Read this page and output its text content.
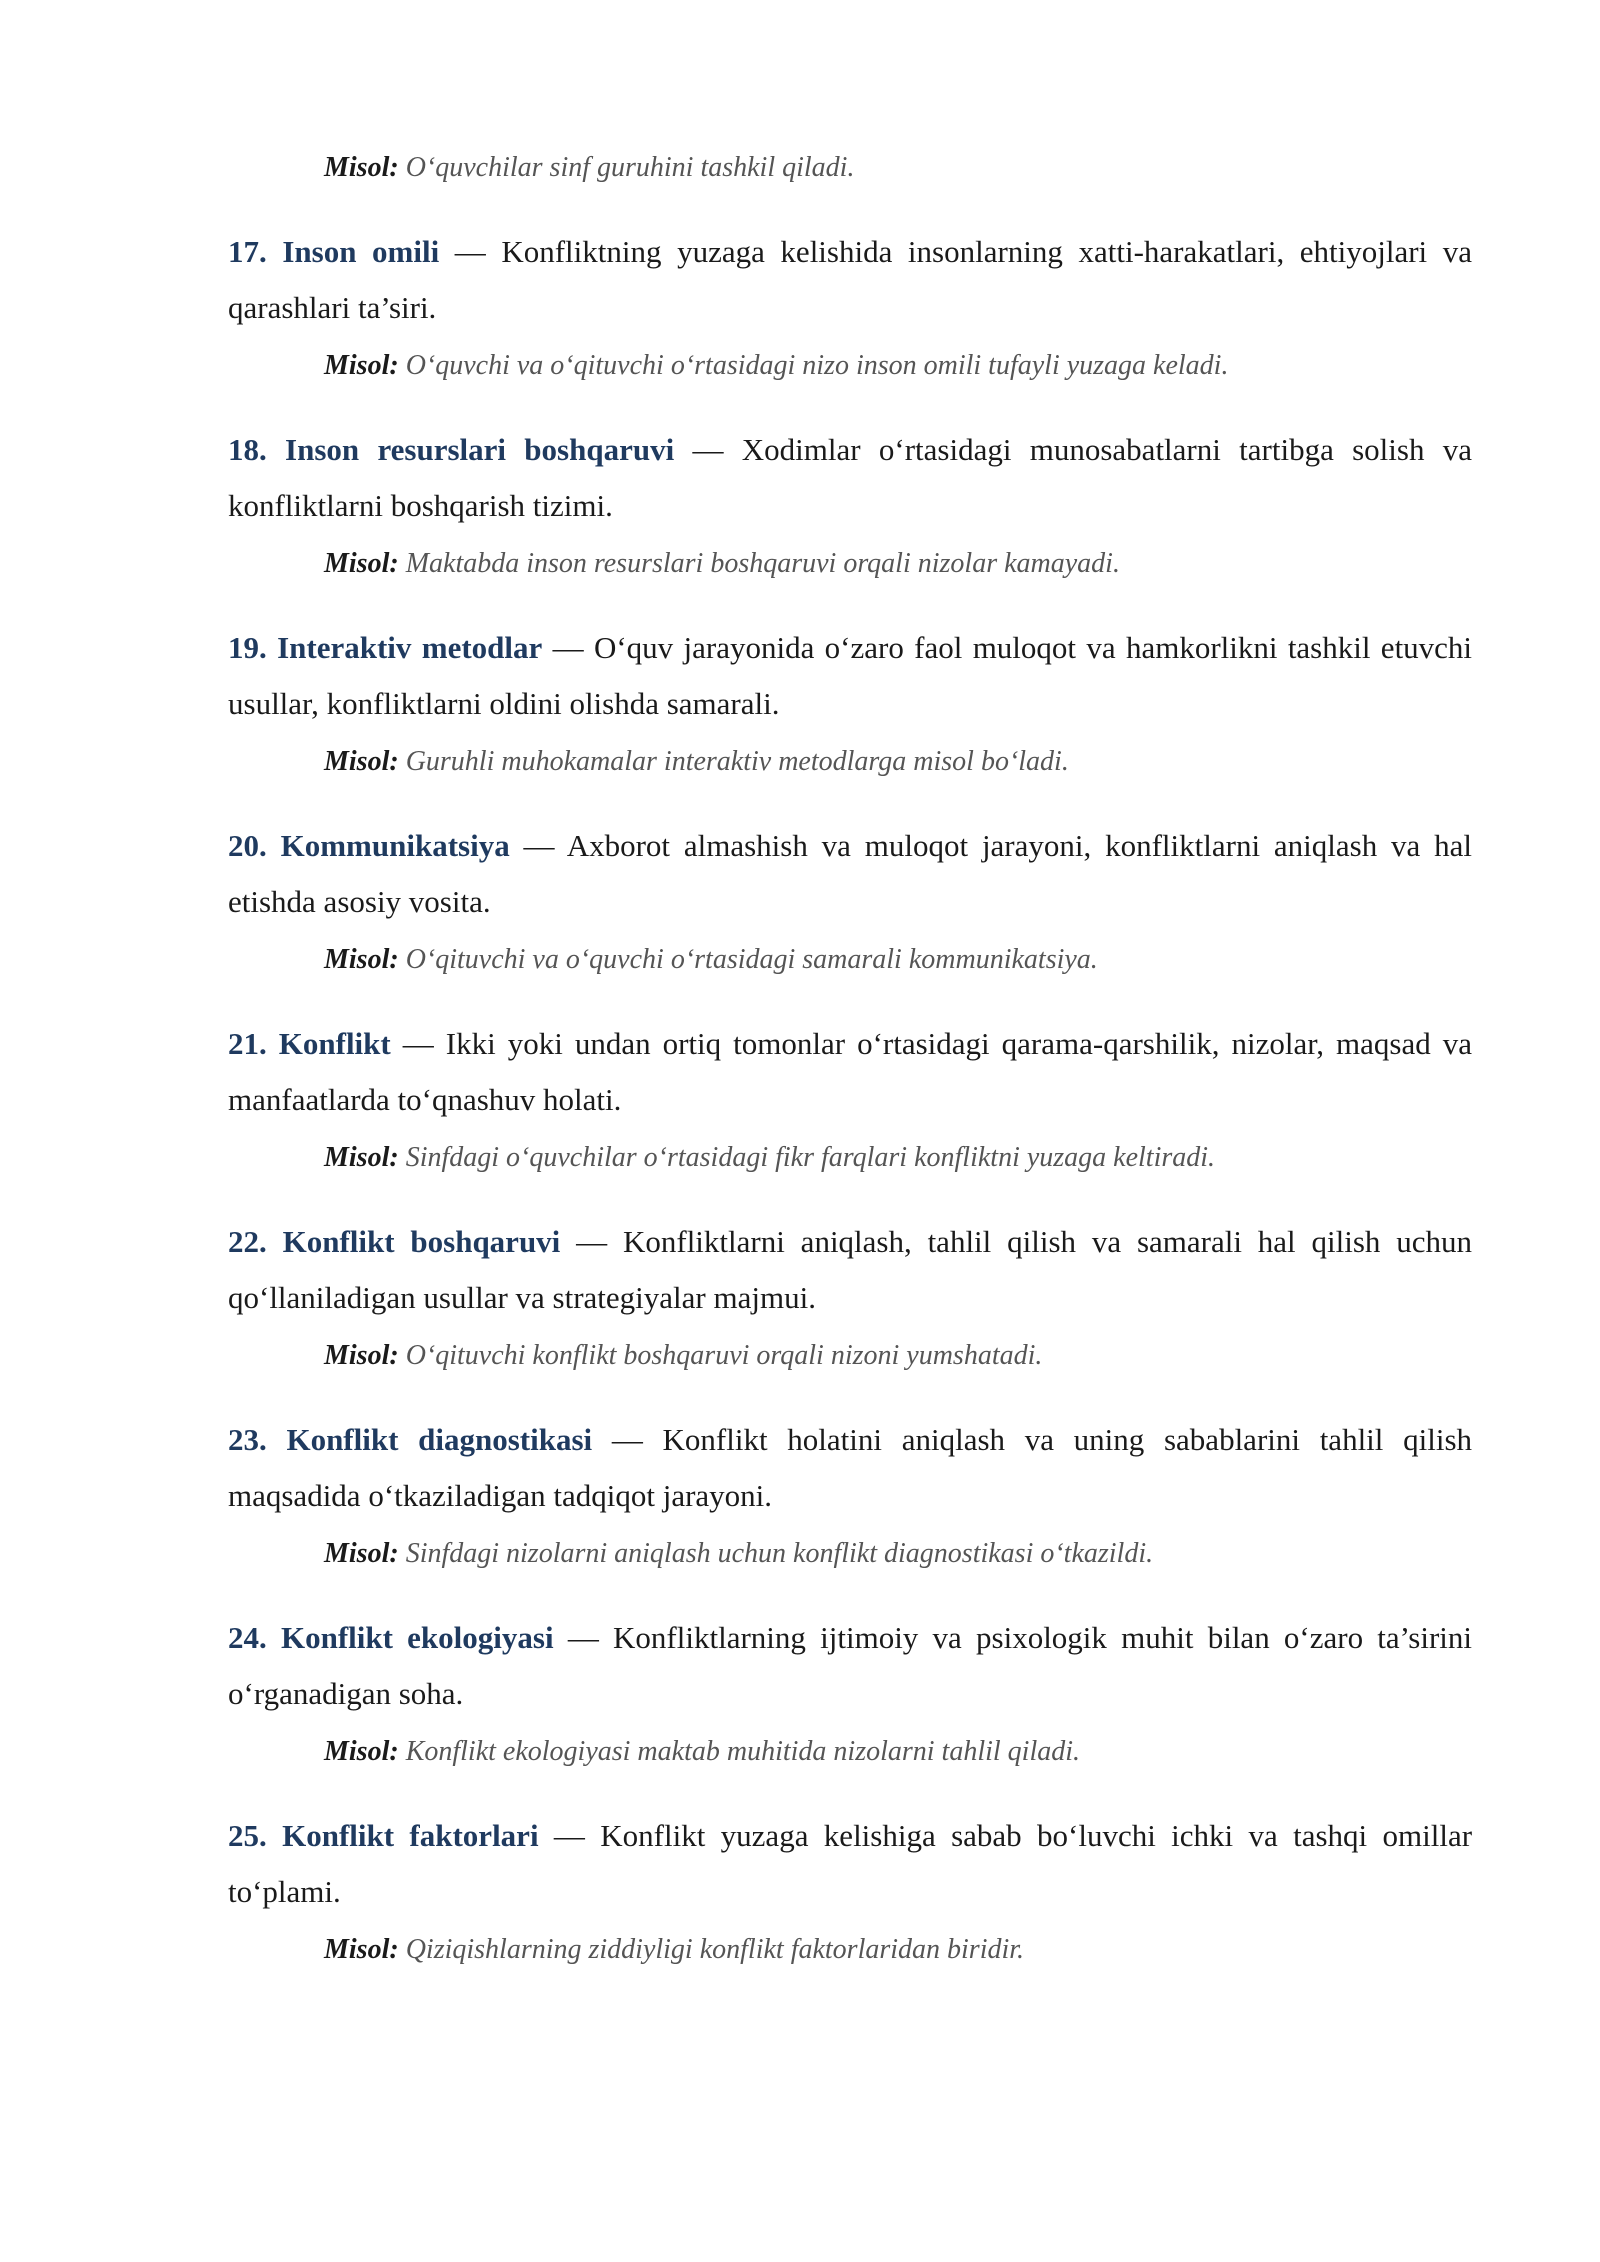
Misol: O‘quvchilar sinf guruhini tashkil qiladi.

17. Inson omili — Konfliktning yuzaga kelishida insonlarning xatti-harakatlari, ehtiyojlari va qarashlari ta’siri.

Misol: O‘quvchi va o‘qituvchi o‘rtasidagi nizo inson omili tufayli yuzaga keladi.

18. Inson resurslari boshqaruvi — Xodimlar o‘rtasidagi munosabatlarni tartibga solish va konfliktlarni boshqarish tizimi.

Misol: Maktabda inson resurslari boshqaruvi orqali nizolar kamayadi.

19. Interaktiv metodlar — O‘quv jarayonida o‘zaro faol muloqot va hamkorlikni tashkil etuvchi usullar, konfliktlarni oldini olishda samarali.

Misol: Guruhli muhokamalar interaktiv metodlarga misol bo‘ladi.

20. Kommunikatsiya — Axborot almashish va muloqot jarayoni, konfliktlarni aniqlash va hal etishda asosiy vosita.

Misol: O‘qituvchi va o‘quvchi o‘rtasidagi samarali kommunikatsiya.

21. Konflikt — Ikki yoki undan ortiq tomonlar o‘rtasidagi qarama-qarshilik, nizolar, maqsad va manfaatlarda to‘qnashuv holati.

Misol: Sinfdagi o‘quvchilar o‘rtasidagi fikr farqlari konfliktni yuzaga keltiradi.

22. Konflikt boshqaruvi — Konfliktlarni aniqlash, tahlil qilish va samarali hal qilish uchun qo‘llaniladigan usullar va strategiyalar majmui.

Misol: O‘qituvchi konflikt boshqaruvi orqali nizoni yumshatadi.

23. Konflikt diagnostikasi — Konflikt holatini aniqlash va uning sabablarini tahlil qilish maqsadida o‘tkaziladigan tadqiqot jarayoni.

Misol: Sinfdagi nizolarni aniqlash uchun konflikt diagnostikasi o‘tkazildi.

24. Konflikt ekologiyasi — Konfliktlarning ijtimoiy va psixologik muhit bilan o‘zaro ta’sirini o‘rganadigan soha.

Misol: Konflikt ekologiyasi maktab muhitida nizolarni tahlil qiladi.

25. Konflikt faktorlari — Konflikt yuzaga kelishiga sabab bo‘luvchi ichki va tashqi omillar to‘plami.

Misol: Qiziqishlarning ziddiyligi konflikt faktorlaridan biridir.
